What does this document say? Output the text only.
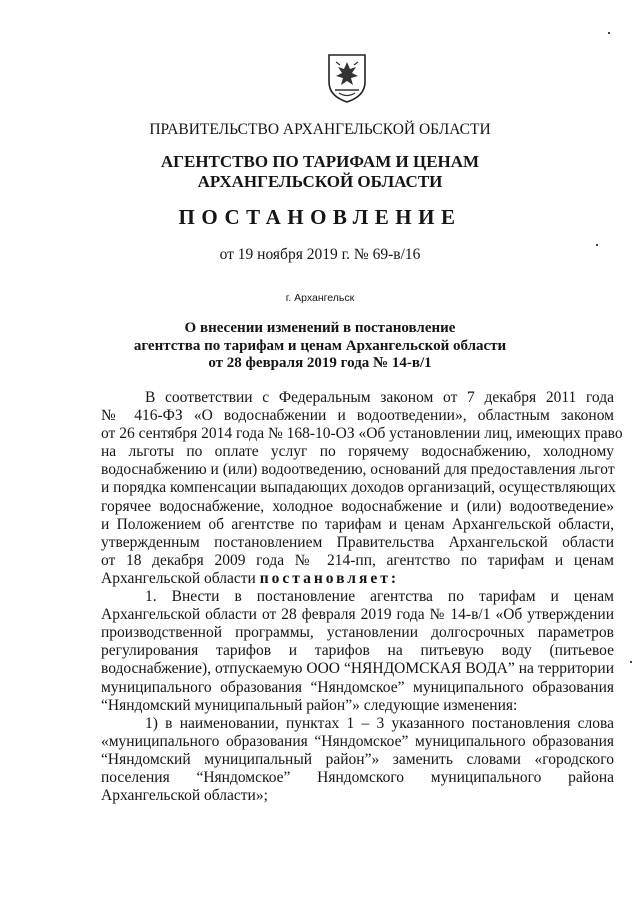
ПРАВИТЕЛЬСТВО АРХАНГЕЛЬСКОЙ ОБЛАСТИ
АГЕНТСТВО ПО ТАРИФАМ И ЦЕНАМ
АРХАНГЕЛЬСКОЙ ОБЛАСТИ
ПОСТАНОВЛЕНИЕ
от 19 ноября 2019 г. № 69-в/16
г. Архангельск
О внесении изменений в постановление
агентства по тарифам и ценам Архангельской области
от 28 февраля 2019 года № 14-в/1
В соответствии с Федеральным законом от 7 декабря 2011 года
№ 416-ФЗ «О водоснабжении и водоотведении», областным законом
от 26 сентября 2014 года № 168-10-ОЗ «Об установлении лиц, имеющих право
на льготы по оплате услуг по горячему водоснабжению, холодному
водоснабжению и (или) водоотведению, оснований для предоставления льгот
и порядка компенсации выпадающих доходов организаций, осуществляющих
горячее водоснабжение, холодное водоснабжение и (или) водоотведение»
и Положением об агентстве по тарифам и ценам Архангельской области,
утвержденным постановлением Правительства Архангельской области
от 18 декабря 2009 года № 214-пп, агентство по тарифам и ценам
Архангельской области постановляет:
1. Внести в постановление агентства по тарифам и ценам
Архангельской области от 28 февраля 2019 года № 14-в/1 «Об утверждении
производственной программы, установлении долгосрочных параметров
регулирования тарифов и тарифов на питьевую воду (питьевое
водоснабжение), отпускаемую ООО “НЯНДОМСКАЯ ВОДА” на территории
муниципального образования “Няндомское” муниципального образования
“Няндомский муниципальный район”» следующие изменения:
1) в наименовании, пунктах 1 – 3 указанного постановления слова
«муниципального образования “Няндомское” муниципального образования
“Няндомский муниципальный район”» заменить словами «городского
поселения “Няндомское” Няндомского муниципального района
Архангельской области»;
